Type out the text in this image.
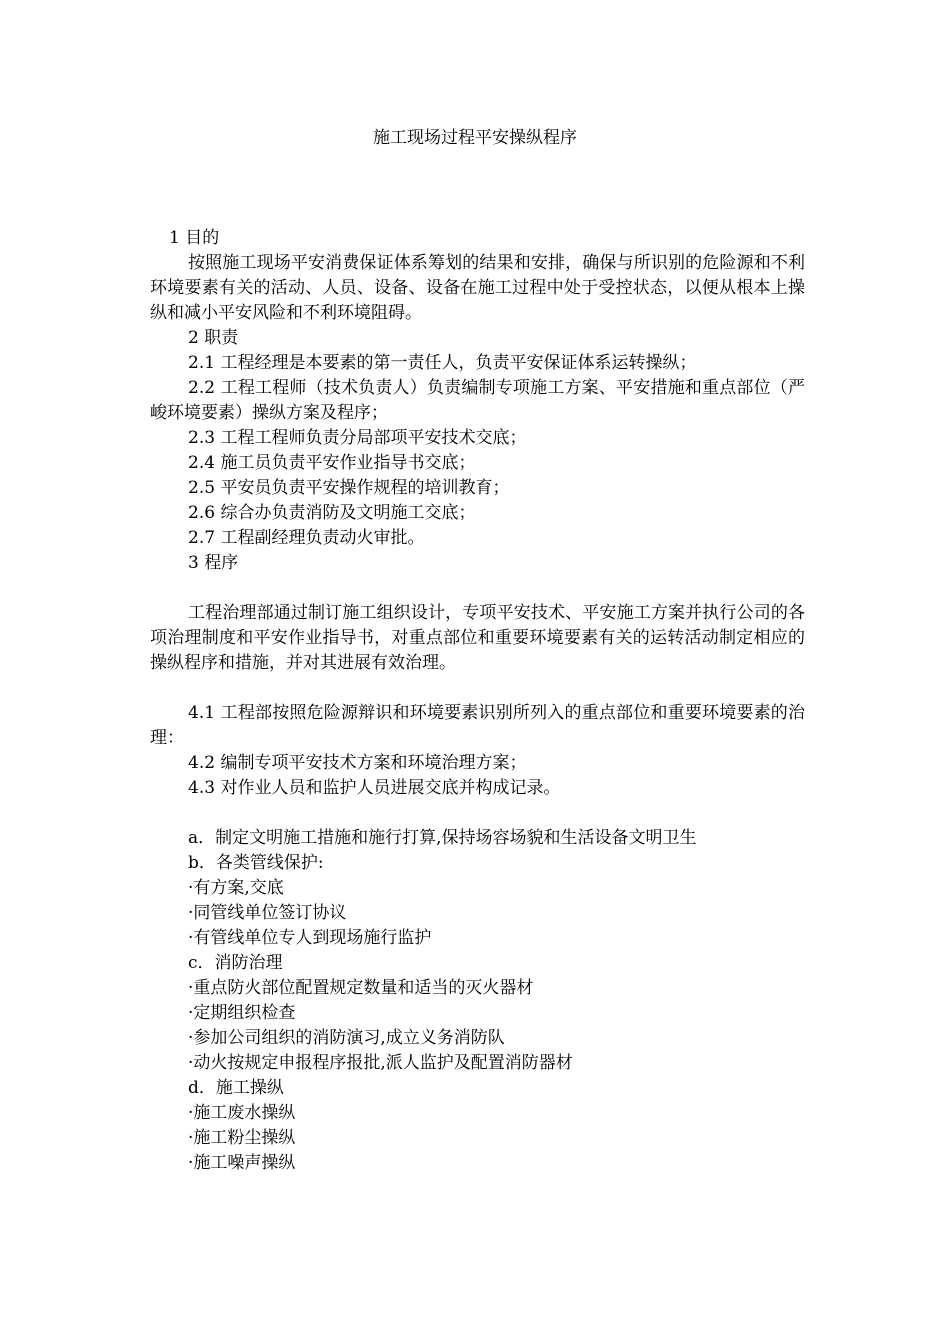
施工现场过程平安操纵程序

1 目的

按照施工现场平安消费保证体系筹划的结果和安排，确保与所识别的危险源和不利环境要素有关的活动、人员、设备、设备在施工过程中处于受控状态，以便从根本上操纵和减小平安风险和不利环境阻碍。

2 职责

2.1 工程经理是本要素的第一责任人，负责平安保证体系运转操纵；

2.2 工程工程师（技术负责人）负责编制专项施工方案、平安措施和重点部位（严峻环境要素）操纵方案及程序；

2.3 工程工程师负责分局部项平安技术交底；

2.4 施工员负责平安作业指导书交底；

2.5 平安员负责平安操作规程的培训教育；

2.6 综合办负责消防及文明施工交底；

2.7 工程副经理负责动火审批。

3 程序

工程治理部通过制订施工组织设计，专项平安技术、平安施工方案并执行公司的各项治理制度和平安作业指导书，对重点部位和重要环境要素有关的运转活动制定相应的操纵程序和措施，并对其进展有效治理。

4.1 工程部按照危险源辩识和环境要素识别所列入的重点部位和重要环境要素的治理：

4.2 编制专项平安技术方案和环境治理方案；

4.3 对作业人员和监护人员进展交底并构成记录。

a．制定文明施工措施和施行打算,保持场容场貌和生活设备文明卫生

b．各类管线保护:

·有方案,交底

·同管线单位签订协议

·有管线单位专人到现场施行监护

c．消防治理

·重点防火部位配置规定数量和适当的灭火器材

·定期组织检查

·参加公司组织的消防演习,成立义务消防队

·动火按规定申报程序报批,派人监护及配置消防器材

d．施工操纵

·施工废水操纵

·施工粉尘操纵

·施工噪声操纵
